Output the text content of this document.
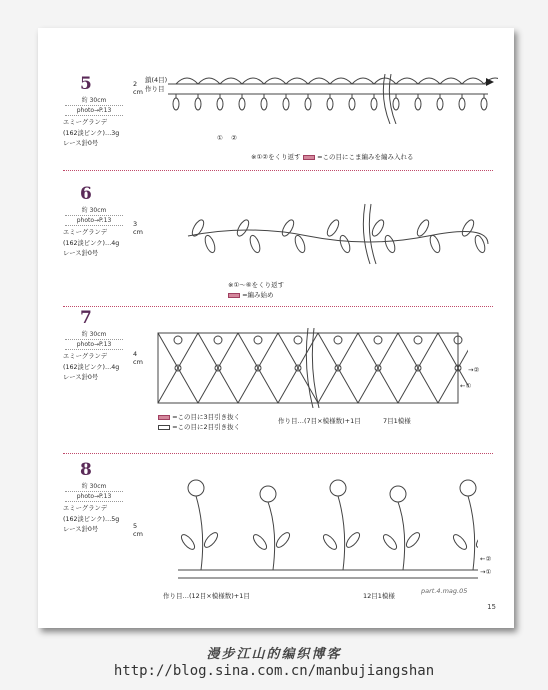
5
約 30cm
photo→P.13
エミーグランデ
(162淡ピンク)…3g
レース針0号
2
cm
鎖(4目)
作り目
① ②
※①②をくり返す	=この目にこま編みを編み入れる
6
約 30cm
photo→P.13
エミーグランデ
(162淡ピンク)…4g
レース針0号
3
cm
※①〜⑥をくり返す
=編み始め
7
約 30cm
photo→P.13
エミーグランデ
(162淡ピンク)…4g
レース針0号
4
cm
→②
←①
=この目に3目引き抜く
=この目に2目引き抜く
作り目…(7目×模様数)+1目	7目1模様
8
約 30cm
photo→P.13
エミーグランデ
(162淡ピンク)…5g
レース針0号	5
cm
←②
→①
作り目…(12目×模様数)+1目	12目1模様
part.4.mag.05
15
漫步江山的编织博客
http://blog.sina.com.cn/manbujiangshan
